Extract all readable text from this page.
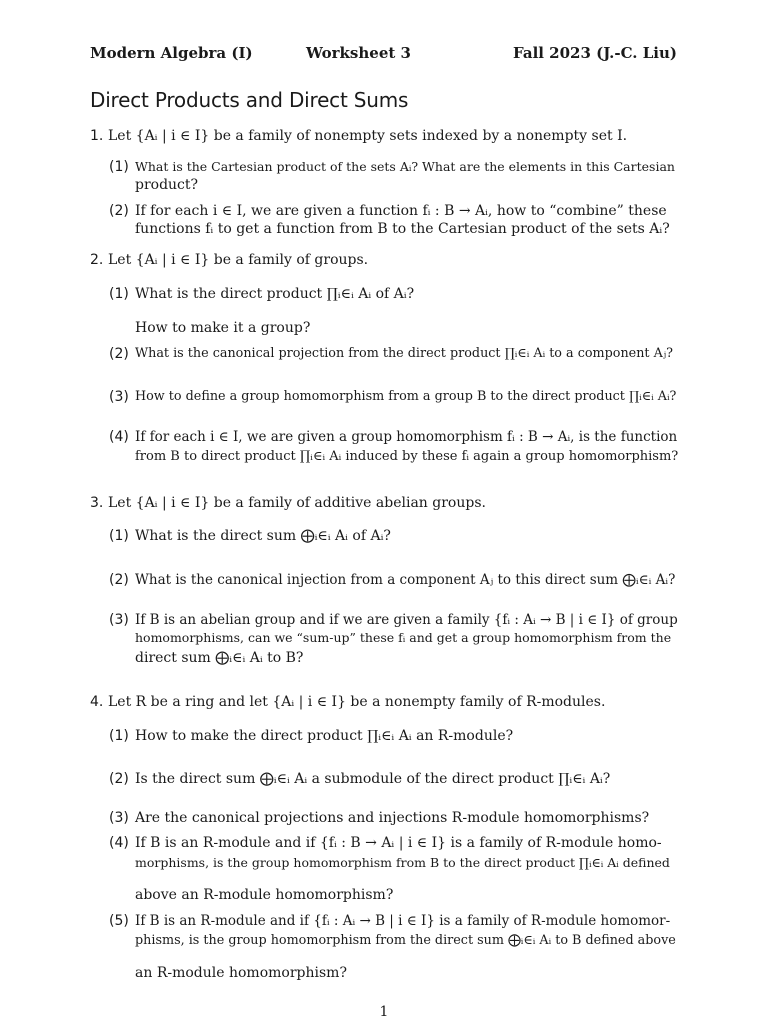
Modern Algebra (I)	Worksheet 3	Fall 2023 (J.-C. Liu)
Direct Products and Direct Sums
1. Let {Aᵢ | i ∈ I} be a family of nonempty sets indexed by a nonempty set I.
(1) What is the Cartesian product of the sets Aᵢ? What are the elements in this Cartesian
product?
(2) If for each i ∈ I, we are given a function fᵢ : B → Aᵢ, how to “combine” these
functions fᵢ to get a function from B to the Cartesian product of the sets Aᵢ?
2. Let {Aᵢ | i ∈ I} be a family of groups.
(1) What is the direct product ∏ᵢ∈ᵢ Aᵢ of Aᵢ?
How to make it a group?
(2) What is the canonical projection from the direct product ∏ᵢ∈ᵢ Aᵢ to a component Aⱼ?
(3) How to define a group homomorphism from a group B to the direct product ∏ᵢ∈ᵢ Aᵢ?
(4) If for each i ∈ I, we are given a group homomorphism fᵢ : B → Aᵢ, is the function
from B to direct product ∏ᵢ∈ᵢ Aᵢ induced by these fᵢ again a group homomorphism?
3. Let {Aᵢ | i ∈ I} be a family of additive abelian groups.
(1) What is the direct sum ⨁ᵢ∈ᵢ Aᵢ of Aᵢ?
(2) What is the canonical injection from a component Aⱼ to this direct sum ⨁ᵢ∈ᵢ Aᵢ?
(3) If B is an abelian group and if we are given a family {fᵢ : Aᵢ → B | i ∈ I} of group
homomorphisms, can we “sum-up” these fᵢ and get a group homomorphism from the
direct sum ⨁ᵢ∈ᵢ Aᵢ to B?
4. Let R be a ring and let {Aᵢ | i ∈ I} be a nonempty family of R-modules.
(1) How to make the direct product ∏ᵢ∈ᵢ Aᵢ an R-module?
(2) Is the direct sum ⨁ᵢ∈ᵢ Aᵢ a submodule of the direct product ∏ᵢ∈ᵢ Aᵢ?
(3) Are the canonical projections and injections R-module homomorphisms?
(4) If B is an R-module and if {fᵢ : B → Aᵢ | i ∈ I} is a family of R-module homo-
morphisms, is the group homomorphism from B to the direct product ∏ᵢ∈ᵢ Aᵢ defined
above an R-module homomorphism?
(5) If B is an R-module and if {fᵢ : Aᵢ → B | i ∈ I} is a family of R-module homomor-
phisms, is the group homomorphism from the direct sum ⨁ᵢ∈ᵢ Aᵢ to B defined above
an R-module homomorphism?
1
